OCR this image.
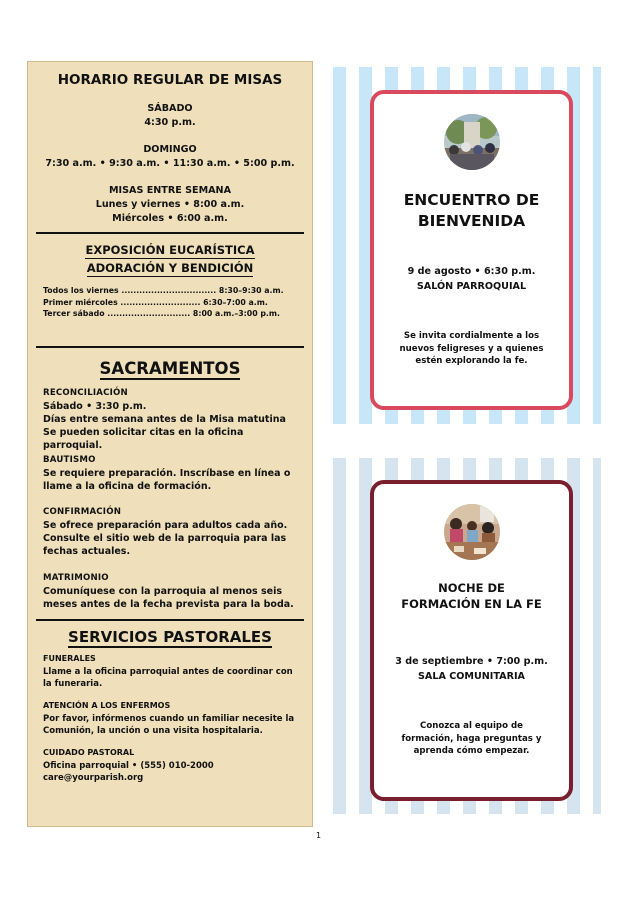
HORARIO REGULAR DE MISAS
SÁBADO
4:30 p.m.
DOMINGO
7:30 a.m. • 9:30 a.m. • 11:30 a.m. • 5:00 p.m.
MISAS ENTRE SEMANA
Lunes y viernes • 8:00 a.m.
Miércoles • 6:00 a.m.
EXPOSICIÓN EUCARÍSTICA
ADORACIÓN Y BENDICIÓN
Todos los viernes ................................ 8:30–9:30 a.m.
Primer miércoles ........................... 6:30–7:00 a.m.
Tercer sábado ............................ 8:00 a.m.–3:00 p.m.
SACRAMENTOS
RECONCILIACIÓN
Sábado • 3:30 p.m.
Días entre semana antes de la Misa matutina
Se pueden solicitar citas en la oficina parroquial.
BAUTISMO
Se requiere preparación. Inscríbase en línea o
llame a la oficina de formación.
CONFIRMACIÓN
Se ofrece preparación para adultos cada año.
Consulte el sitio web de la parroquia para las
fechas actuales.
MATRIMONIO
Comuníquese con la parroquia al menos seis
meses antes de la fecha prevista para la boda.
SERVICIOS PASTORALES
FUNERALES
Llame a la oficina parroquial antes de coordinar con
la funeraria.
ATENCIÓN A LOS ENFERMOS
Por favor, infórmenos cuando un familiar necesite la
Comunión, la unción o una visita hospitalaria.
CUIDADO PASTORAL
Oficina parroquial • (555) 010-2000
care@yourparish.org
ENCUENTRO DE
BIENVENIDA
9 de agosto • 6:30 p.m.
SALÓN PARROQUIAL
Se invita cordialmente a los
nuevos feligreses y a quienes
estén explorando la fe.
NOCHE DE
FORMACIÓN EN LA FE
3 de septiembre • 7:00 p.m.
SALA COMUNITARIA
Conozca al equipo de
formación, haga preguntas y
aprenda cómo empezar.
1
